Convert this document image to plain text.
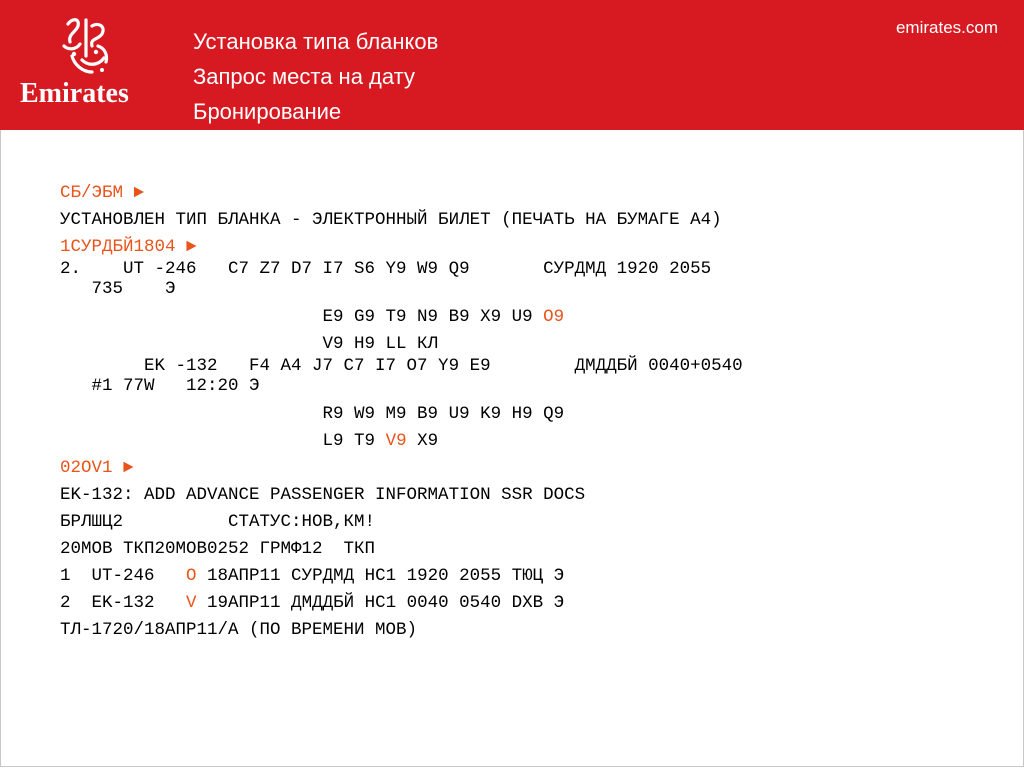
Emirates
Установка типа бланков
Запрос места на дату
Бронирование
emirates.com
СБ/ЭБМ ►
УСТАНОВЛЕН ТИП БЛАНКА - ЭЛЕКТРОННЫЙ БИЛЕТ (ПЕЧАТЬ НА БУМАГЕ А4)
1СУРДБЙ1804 ►
2.    UT -246   C7 Z7 D7 I7 S6 Y9 W9 Q9       СУРДМД 1920 2055
735    Э
E9 G9 T9 N9 B9 X9 U9 O9
V9 H9 LL КЛ
EK -132   F4 A4 J7 C7 I7 O7 Y9 E9        ДМДДБЙ 0040+0540
#1 77W   12:20 Э
R9 W9 M9 B9 U9 K9 H9 Q9
L9 T9 V9 X9
02OV1 ►
EK-132: ADD ADVANCE PASSENGER INFORMATION SSR DOCS
БРЛШЦ2          СТАТУС:НОВ,КМ!
20МОВ ТКП20МОВ0252 ГРМФ12  ТКП
1  UT-246   O 18АПР11 СУРДМД НС1 1920 2055 ТЮЦ Э
2  EK-132   V 19АПР11 ДМДДБЙ НС1 0040 0540 DXB Э
ТЛ-1720/18АПР11/А (ПО ВРЕМЕНИ МОВ)
